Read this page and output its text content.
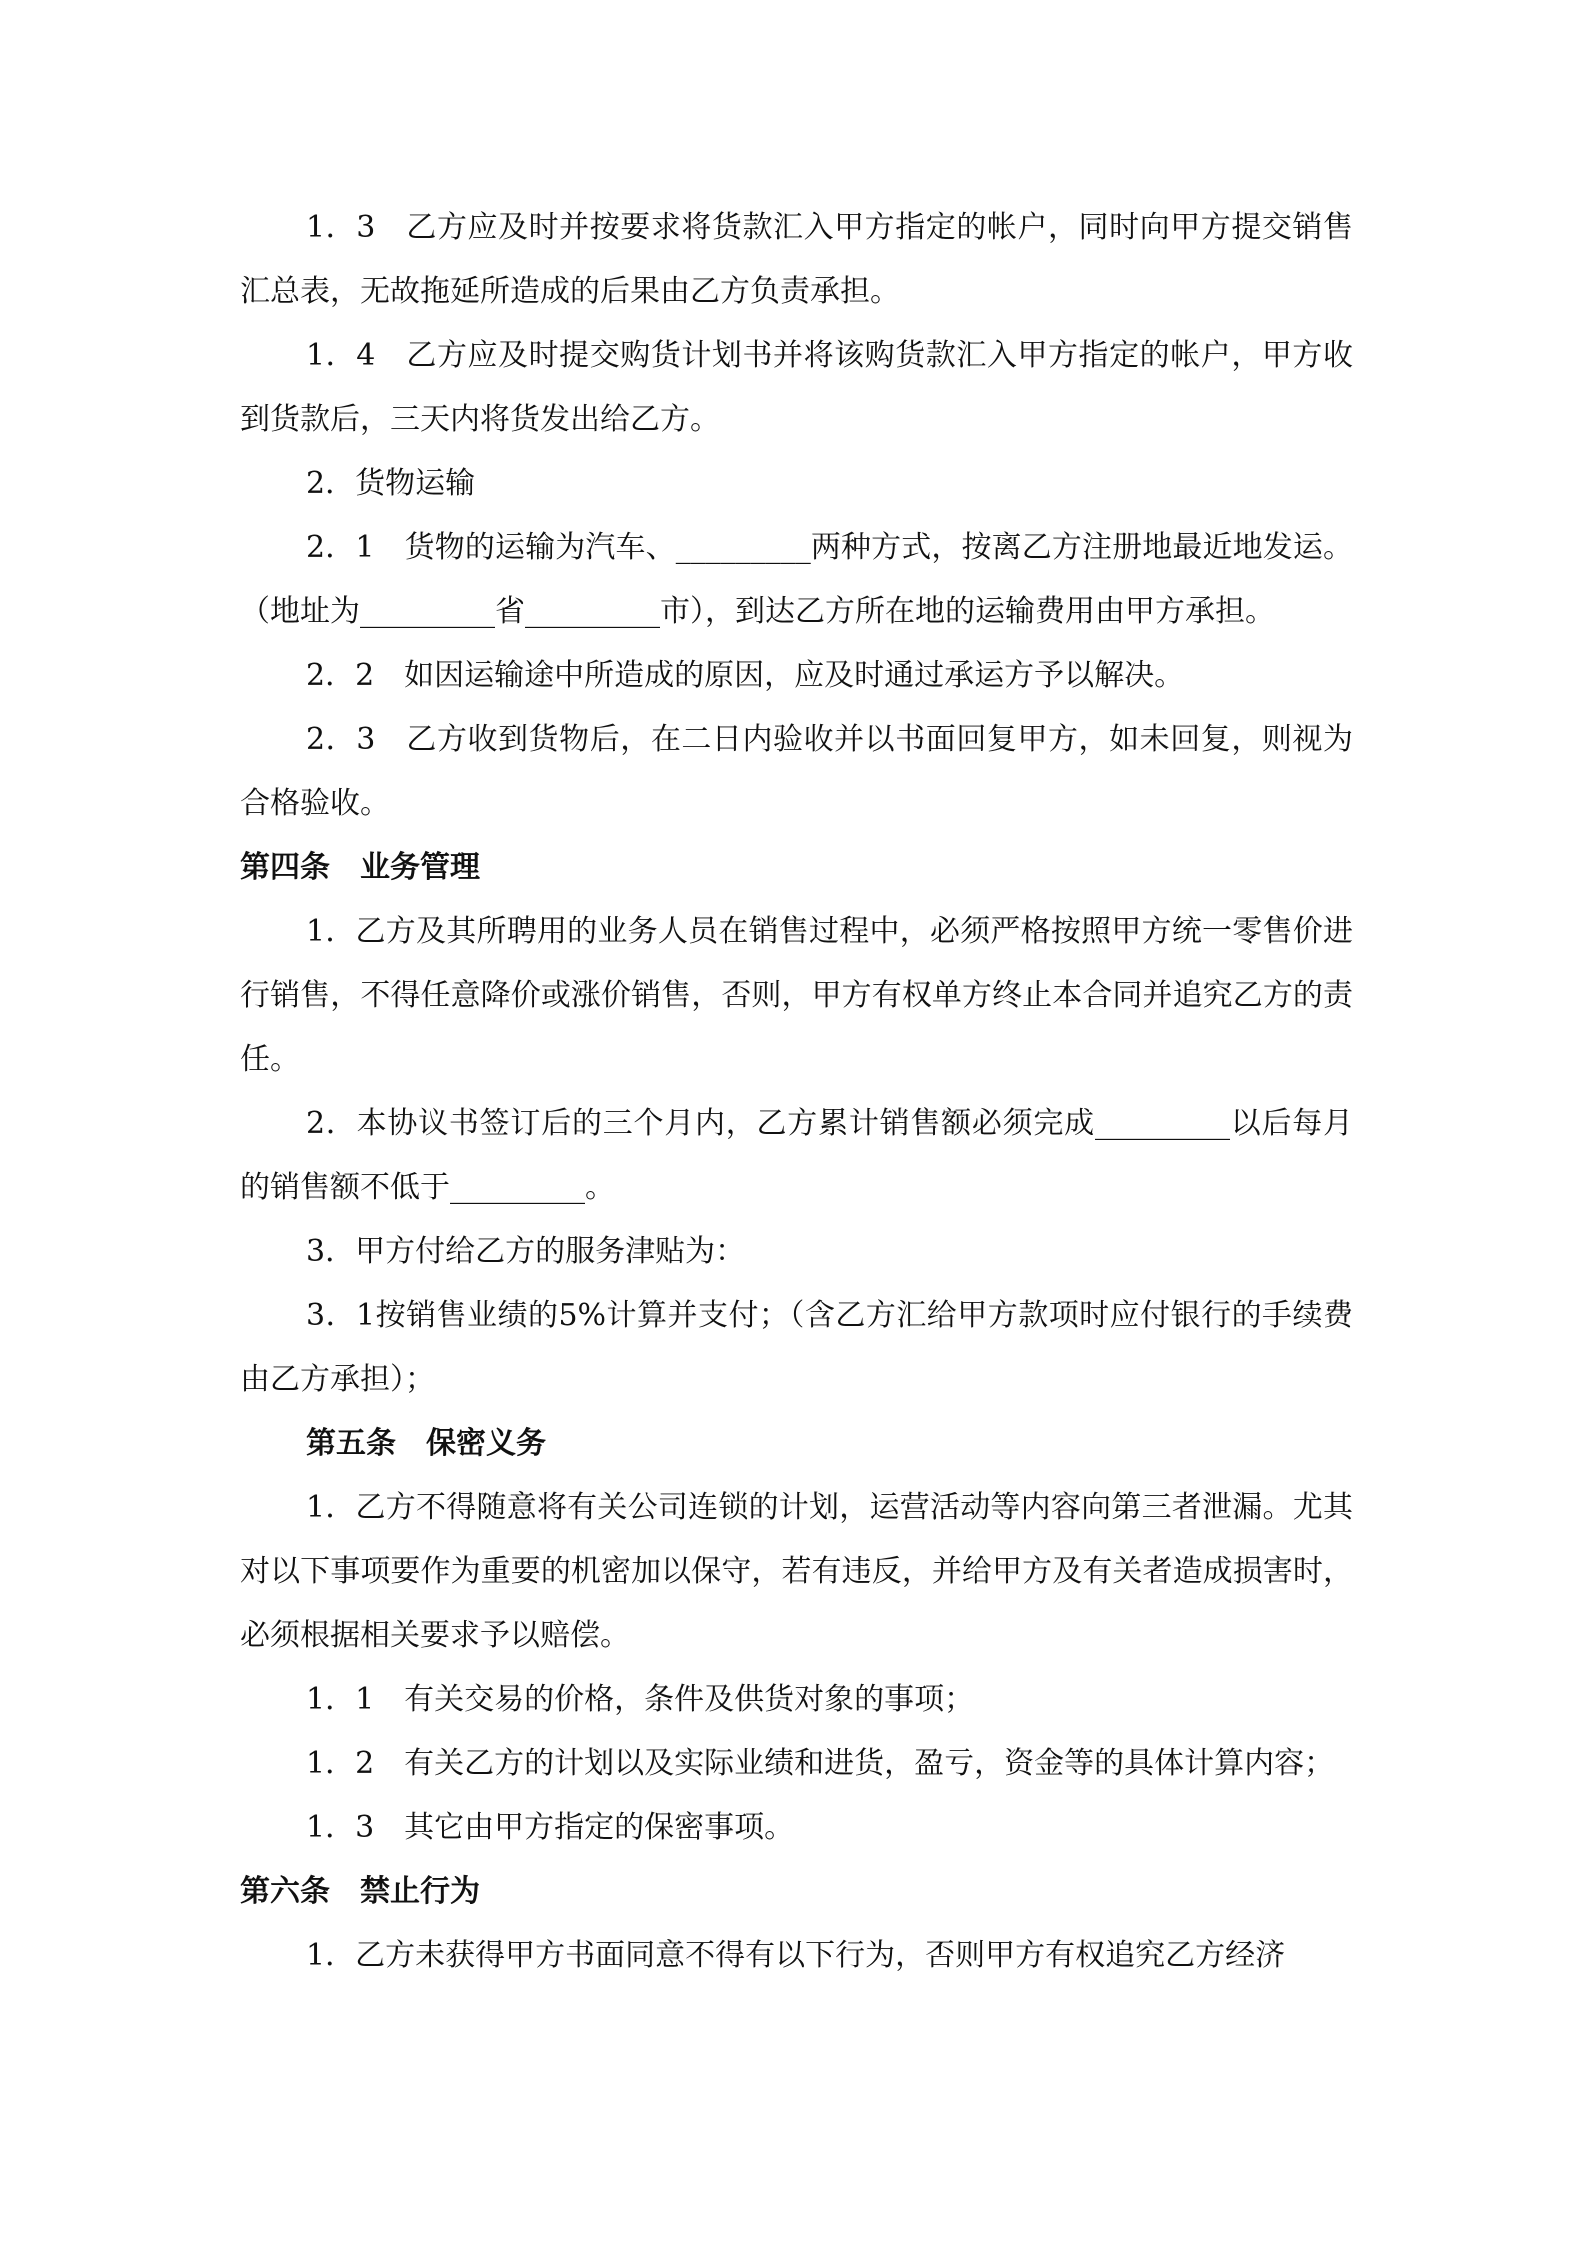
1．3　乙方应及时并按要求将货款汇入甲方指定的帐户，同时向甲方提交销售汇总表，无故拖延所造成的后果由乙方负责承担。

1．4　乙方应及时提交购货计划书并将该购货款汇入甲方指定的帐户，甲方收到货款后，三天内将货发出给乙方。

2．货物运输

2．1　货物的运输为汽车、_________两种方式，按离乙方注册地最近地发运。（地址为_________省_________市），到达乙方所在地的运输费用由甲方承担。

2．2　如因运输途中所造成的原因，应及时通过承运方予以解决。

2．3　乙方收到货物后，在二日内验收并以书面回复甲方，如未回复，则视为合格验收。

第四条　业务管理

1．乙方及其所聘用的业务人员在销售过程中，必须严格按照甲方统一零售价进行销售，不得任意降价或涨价销售，否则，甲方有权单方终止本合同并追究乙方的责任。

2．本协议书签订后的三个月内，乙方累计销售额必须完成_________以后每月的销售额不低于_________。

3．甲方付给乙方的服务津贴为：

3．1按销售业绩的5%计算并支付；（含乙方汇给甲方款项时应付银行的手续费由乙方承担）；

第五条　保密义务

1．乙方不得随意将有关公司连锁的计划，运营活动等内容向第三者泄漏。尤其对以下事项要作为重要的机密加以保守，若有违反，并给甲方及有关者造成损害时，必须根据相关要求予以赔偿。

1．1　有关交易的价格，条件及供货对象的事项；

1．2　有关乙方的计划以及实际业绩和进货，盈亏，资金等的具体计算内容；

1．3　其它由甲方指定的保密事项。

第六条　禁止行为

1．乙方未获得甲方书面同意不得有以下行为，否则甲方有权追究乙方经济
